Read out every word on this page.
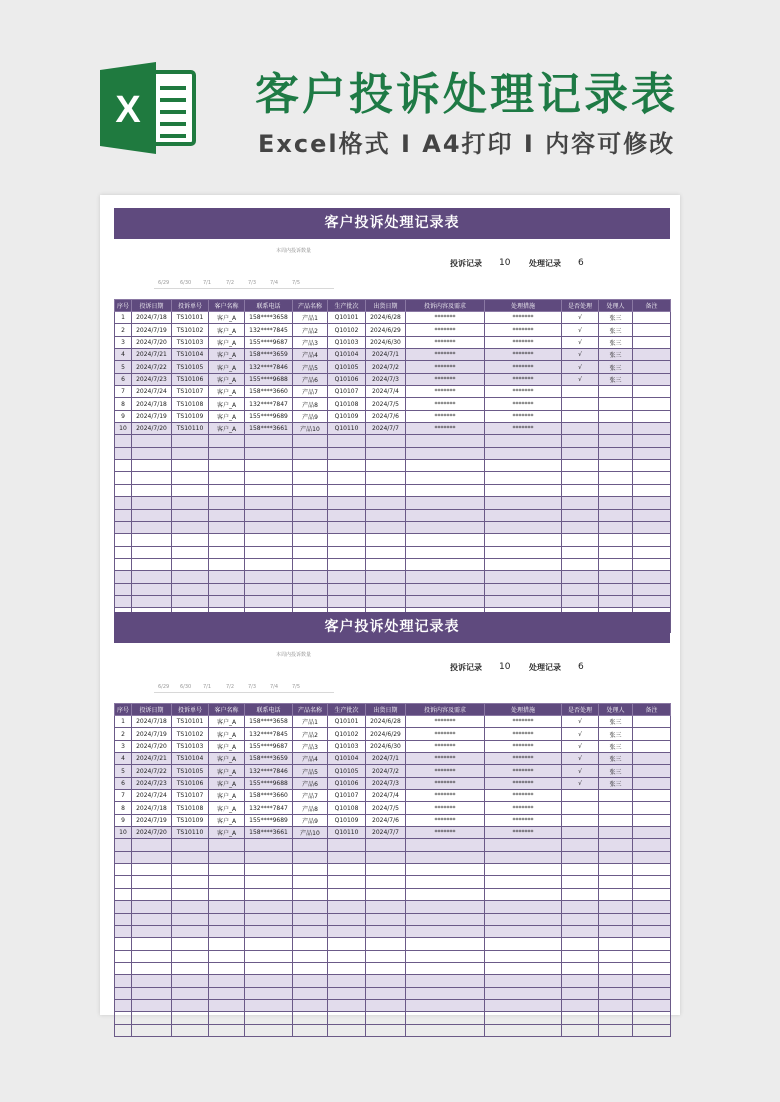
X	客户投诉处理记录表
Excel格式 I A4打印 I 内容可修改
客户投诉处理记录表
本周内投诉数量
投诉记录 10 处理记录 6
6/29 6/30 7/1	7/2	7/3	7/4	7/5
序号	投诉日期	投诉单号	客户名称	联系电话	产品名称	生产批次	出货日期	投诉内容及需求	处理措施	是否处理	处理人	备注
1	2024/7/18	TS10101	客户_A	158****3658	产品1	Q10101	2024/6/28	*******	*******	√	张三	
2	2024/7/19	TS10102	客户_A	132****7845	产品2	Q10102	2024/6/29	*******	*******	√	张三	
3	2024/7/20	TS10103	客户_A	155****9687	产品3	Q10103	2024/6/30	*******	*******	√	张三	
4	2024/7/21	TS10104	客户_A	158****3659	产品4	Q10104	2024/7/1	*******	*******	√	张三	
5	2024/7/22	TS10105	客户_A	132****7846	产品5	Q10105	2024/7/2	*******	*******	√	张三	
6	2024/7/23	TS10106	客户_A	155****9688	产品6	Q10106	2024/7/3	*******	*******	√	张三	
7	2024/7/24	TS10107	客户_A	158****3660	产品7	Q10107	2024/7/4	*******	*******			
8	2024/7/18	TS10108	客户_A	132****7847	产品8	Q10108	2024/7/5	*******	*******			
9	2024/7/19	TS10109	客户_A	155****9689	产品9	Q10109	2024/7/6	*******	*******			
10	2024/7/20	TS10110	客户_A	158****3661	产品10	Q10110	2024/7/7	*******	*******			

客户投诉处理记录表
本周内投诉数量
投诉记录 10 处理记录 6
6/29 6/30 7/1	7/2	7/3	7/4	7/5
序号	投诉日期	投诉单号	客户名称	联系电话	产品名称	生产批次	出货日期	投诉内容及需求	处理措施	是否处理	处理人	备注
1	2024/7/18	TS10101	客户_A	158****3658	产品1	Q10101	2024/6/28	*******	*******	√	张三	
2	2024/7/19	TS10102	客户_A	132****7845	产品2	Q10102	2024/6/29	*******	*******	√	张三	
3	2024/7/20	TS10103	客户_A	155****9687	产品3	Q10103	2024/6/30	*******	*******	√	张三	
4	2024/7/21	TS10104	客户_A	158****3659	产品4	Q10104	2024/7/1	*******	*******	√	张三	
5	2024/7/22	TS10105	客户_A	132****7846	产品5	Q10105	2024/7/2	*******	*******	√	张三	
6	2024/7/23	TS10106	客户_A	155****9688	产品6	Q10106	2024/7/3	*******	*******	√	张三	
7	2024/7/24	TS10107	客户_A	158****3660	产品7	Q10107	2024/7/4	*******	*******			
8	2024/7/18	TS10108	客户_A	132****7847	产品8	Q10108	2024/7/5	*******	*******			
9	2024/7/19	TS10109	客户_A	155****9689	产品9	Q10109	2024/7/6	*******	*******			
10	2024/7/20	TS10110	客户_A	158****3661	产品10	Q10110	2024/7/7	*******	*******			
